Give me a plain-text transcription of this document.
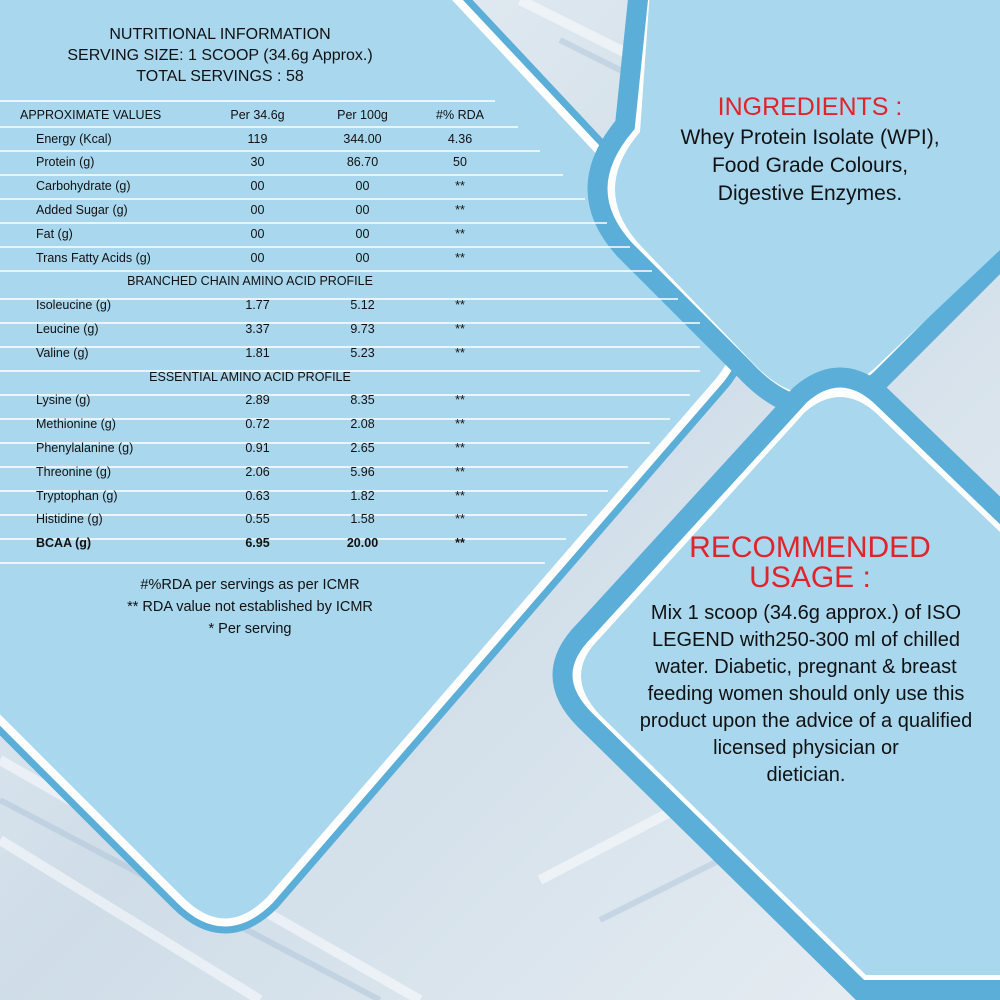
NUTRITIONAL INFORMATION
SERVING SIZE: 1 SCOOP (34.6g Approx.)
TOTAL SERVINGS : 58
APPROXIMATE VALUES	Per 34.6g	Per 100g	#% RDA
Energy (Kcal)	119	344.00	4.36
Protein (g)	30	86.70	50
Carbohydrate (g)	00	00	**
Added Sugar (g)	00	00	**
Fat (g)	00	00	**
Trans Fatty Acids (g)	00	00	**
BRANCHED CHAIN AMINO ACID PROFILE			
Isoleucine (g)	1.77	5.12	**
Leucine (g)	3.37	9.73	**
Valine (g)	1.81	5.23	**
ESSENTIAL AMINO ACID PROFILE			
Lysine (g)	2.89	8.35	**
Methionine (g)	0.72	2.08	**
Phenylalanine (g)	0.91	2.65	**
Threonine (g)	2.06	5.96	**
Tryptophan (g)	0.63	1.82	**
Histidine (g)	0.55	1.58	**
BCAA (g)	6.95	20.00	**
#%RDA per servings as per ICMR
** RDA value not established by ICMR
* Per serving
INGREDIENTS :
Whey Protein Isolate (WPI),
Food Grade Colours,
Digestive Enzymes.
RECOMMENDED
USAGE :
Mix 1 scoop (34.6g approx.) of ISO
LEGEND with250-300 ml of chilled
water. Diabetic, pregnant & breast
feeding women should only use this
product upon the advice of a qualified
licensed physician or
dietician.
